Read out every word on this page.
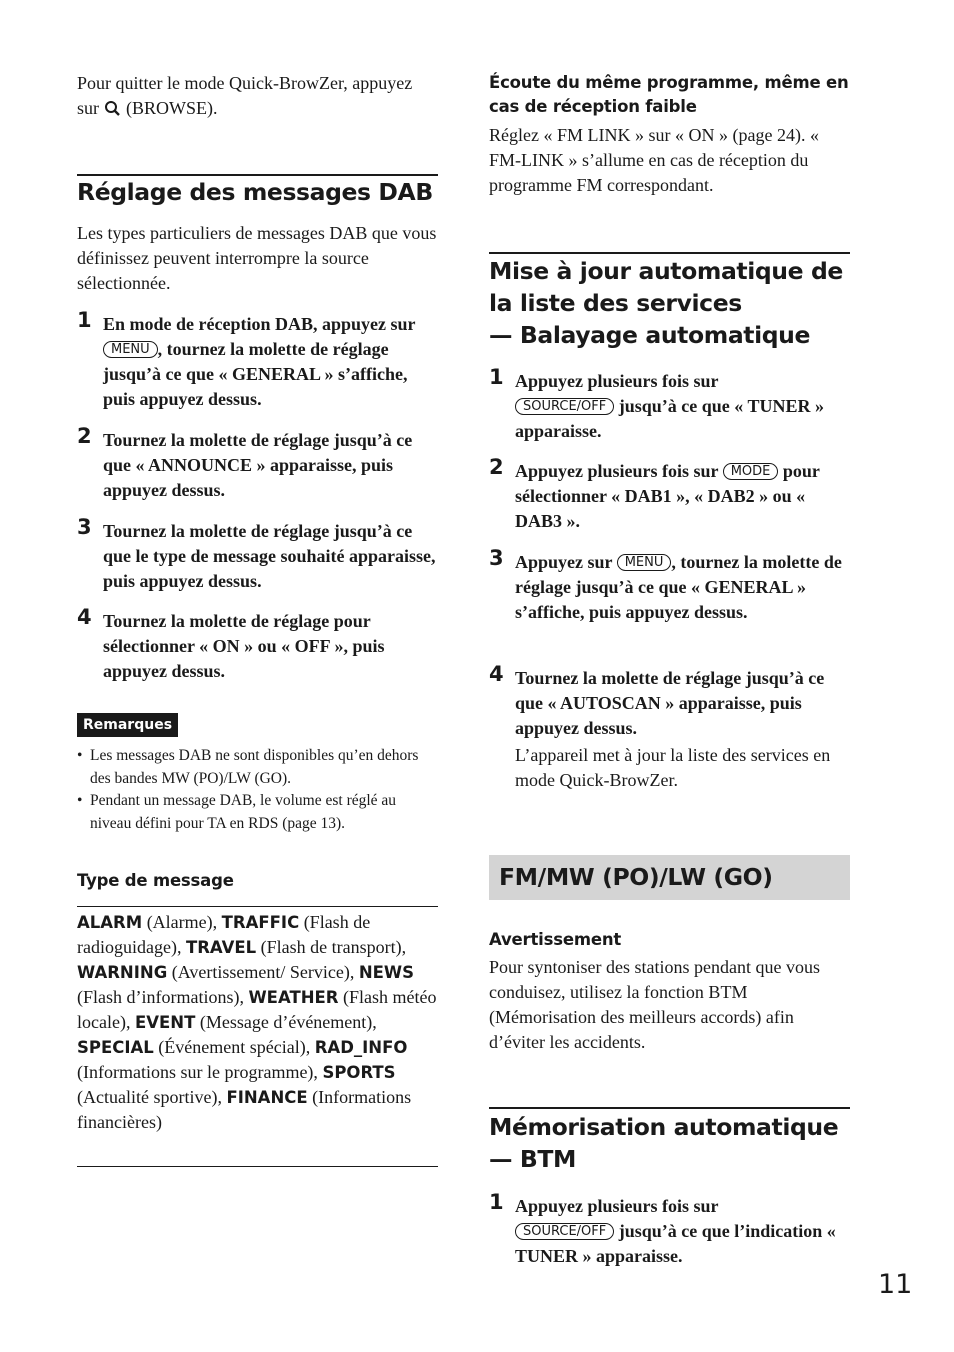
Pour quitter le mode Quick-BrowZer, appuyez sur (BROWSE).

Réglage des messages DAB

Les types particuliers de messages DAB que vous définissez peuvent interrompre la source sélectionnée.

1 En mode de réception DAB, appuyez sur MENU , tournez la molette de réglage jusqu’à ce que « GENERAL » s’affiche, puis appuyez dessus.
2 Tournez la molette de réglage jusqu’à ce que « ANNOUNCE » apparaisse, puis appuyez dessus.
3 Tournez la molette de réglage jusqu’à ce que le type de message souhaité apparaisse, puis appuyez dessus.
4 Tournez la molette de réglage pour sélectionner « ON » ou « OFF », puis appuyez dessus.
Remarques
• Les messages DAB ne sont disponibles qu’en dehors des bandes MW (PO)/LW (GO).
• Pendant un message DAB, le volume est réglé au niveau défini pour TA en RDS (page 13).
Type de message

ALARM (Alarme), TRAFFIC (Flash de radioguidage), TRAVEL (Flash de transport), WARNING (Avertissement/ Service), NEWS (Flash d’informations), WEATHER (Flash météo locale), EVENT (Message d’événement), SPECIAL (Événement spécial), RAD_INFO (Informations sur le programme), SPORTS (Actualité sportive), FINANCE (Informations financières)

Écoute du même programme, même en cas de réception faible

Réglez « FM LINK » sur « ON » (page 24). « FM-LINK » s’allume en cas de réception du programme FM correspondant.

Mise à jour automatique de la liste des services
— Balayage automatique
1 Appuyez plusieurs fois sur
SOURCE/OFF jusqu’à ce que « TUNER » apparaisse.
2 Appuyez plusieurs fois sur MODE pour sélectionner « DAB1 », « DAB2 » ou « DAB3 ».
3 Appuyez sur MENU , tournez la molette de réglage jusqu’à ce que « GENERAL » s’affiche, puis appuyez dessus.
4 Tournez la molette de réglage jusqu’à ce que « AUTOSCAN » apparaisse, puis appuyez dessus.
L’appareil met à jour la liste des services en mode Quick-BrowZer.
FM/MW (PO)/LW (GO)
Avertissement

Pour syntoniser des stations pendant que vous conduisez, utilisez la fonction BTM (Mémorisation des meilleurs accords) afin d’éviter les accidents.

Mémorisation automatique
— BTM
1 Appuyez plusieurs fois sur
SOURCE/OFF jusqu’à ce que l’indication « TUNER » apparaisse.
11
